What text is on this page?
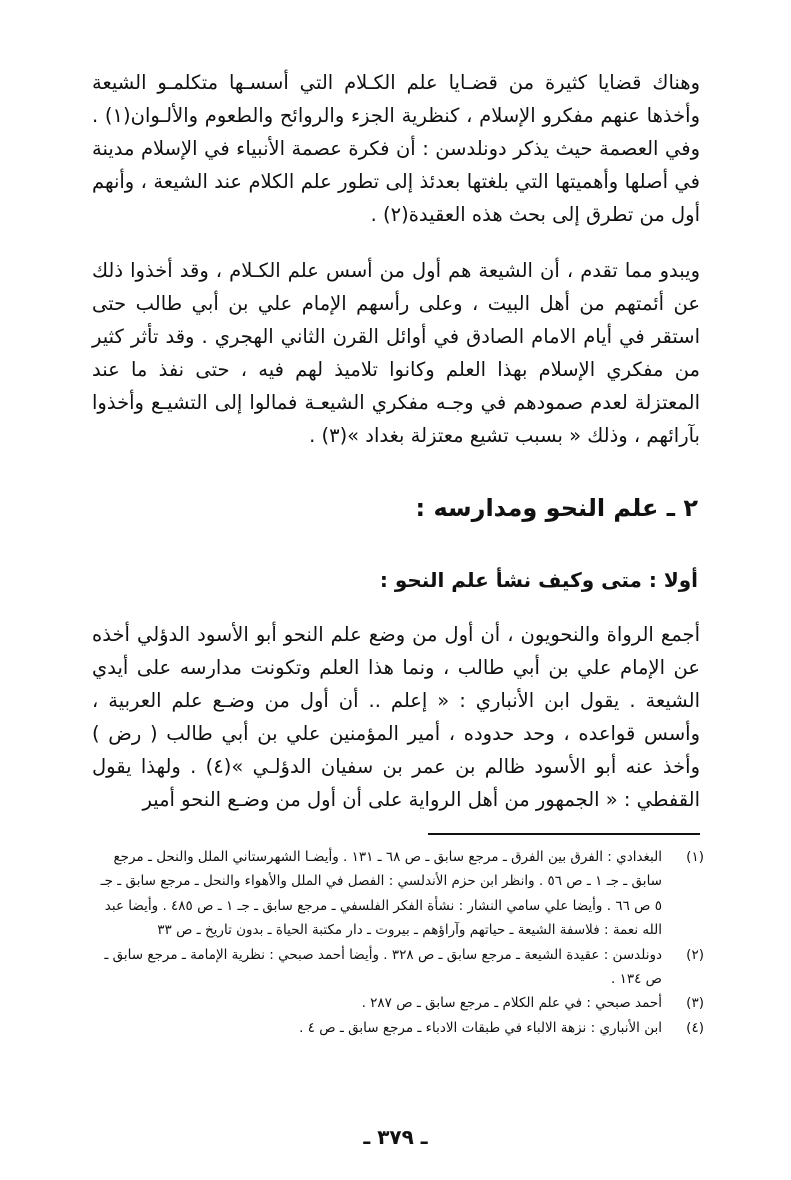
وهناك قضايا كثيرة من قضـايا علم الكـلام التي أسسـها متكلمـو الشيعة وأخذها عنهم مفكرو الإسلام ، كنظرية الجزء والروائح والطعوم والألـوان(١) . وفي العصمة حيث يذكر دونلدسن : أن فكرة عصمة الأنبياء في الإسلام مدينة في أصلها وأهميتها التي بلغتها بعدئذ إلى تطور علم الكلام عند الشيعة ، وأنهم أول من تطرق إلى بحث هذه العقيدة(٢) .

ويبدو مما تقدم ، أن الشيعة هم أول من أسس علم الكـلام ، وقد أخذوا ذلك عن أئمتهم من أهل البيت ، وعلى رأسهم الإمام علي بن أبي طالب حتى استقر في أيام الامام الصادق في أوائل القرن الثاني الهجري . وقد تأثر كثير من مفكري الإسلام بهذا العلم وكانوا تلاميذ لهم فيه ، حتى نفذ ما عند المعتزلة لعدم صمودهم في وجـه مفكري الشيعـة فمالوا إلى التشيـع وأخذوا بآرائهم ، وذلك « بسبب تشيع معتزلة بغداد »(٣) .

٢ ـ علم النحو ومدارسه :
أولا : متى وكيف نشأ علم النحو :

أجمع الرواة والنحويون ، أن أول من وضع علم النحو أبو الأسود الدؤلي أخذه عن الإمام علي بن أبي طالب ، ونما هذا العلم وتكونت مدارسه على أيدي الشيعة . يقول ابن الأنباري : « إعلم .. أن أول من وضـع علم العربية ، وأسس قواعده ، وحد حدوده ، أمير المؤمنين علي بن أبي طالب ( رض ) وأخذ عنه أبو الأسود ظالم بن عمر بن سفيان الدؤلـي »(٤) . ولهذا يقول القفطي : « الجمهور من أهل الرواية على أن أول من وضـع النحو أمير

(١)
البغدادي : الفرق بين الفرق ـ مرجع سابق ـ ص ٦٨ ـ ١٣١ . وأيضـا الشهرستاني الملل والنحل ـ مرجع سابق ـ جـ ١ ـ ص ٥٦ . وانظر ابن حزم الأندلسي : الفصل في الملل والأهواء والنحل ـ مرجع سابق ـ جـ ٥ ص ٦٦ . وأيضا علي سامي النشار : نشأة الفكر الفلسفي ـ مرجع سابق ـ جـ ١ ـ ص ٤٨٥ . وأيضا عبد الله نعمة : فلاسفة الشيعة ـ حياتهم وآراؤهم ـ بيروت ـ دار مكتبة الحياة ـ بدون تاريخ ـ ص ٣٣
(٢)
دونلدسن : عقيدة الشيعة ـ مرجع سابق ـ ص ٣٢٨ . وأيضا أحمد صبحي : نظرية الإمامة ـ مرجع سابق ـ ص ١٣٤ .
(٣)
أحمد صبحي : في علم الكلام ـ مرجع سابق ـ ص ٢٨٧ .
(٤)
ابن الأنباري : نزهة الالباء في طبقات الادباء ـ مرجع سابق ـ ص ٤ .
ـ ٣٧٩ ـ
